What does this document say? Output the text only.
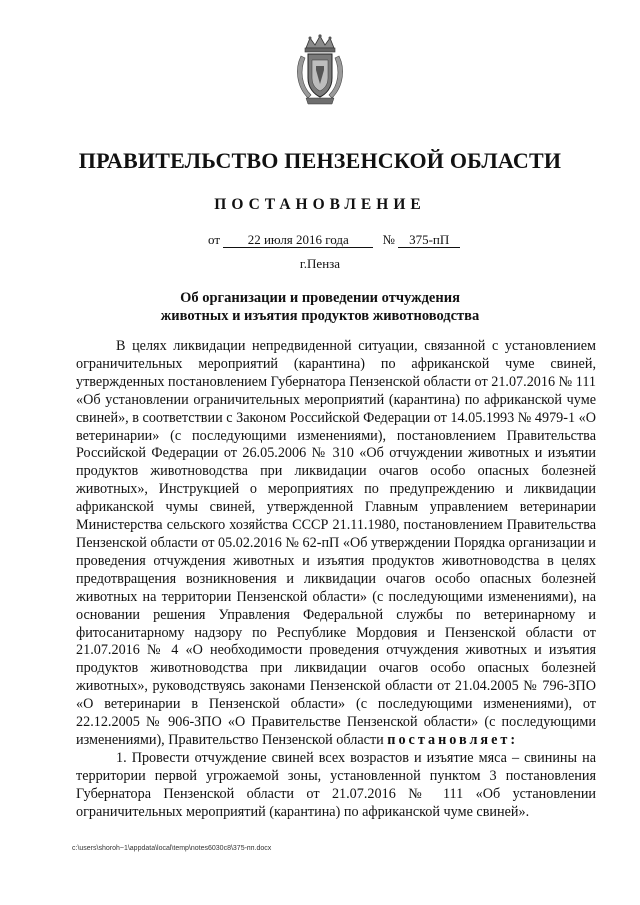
ПРАВИТЕЛЬСТВО ПЕНЗЕНСКОЙ ОБЛАСТИ
ПОСТАНОВЛЕНИЕ
от 22 июля 2016 года	№ 375-пП
г.Пенза
Об организации и проведении отчуждения
животных и изъятия продуктов животноводства

В целях ликвидации непредвиденной ситуации, связанной с установлением ограничительных мероприятий (карантина) по африканской чуме свиней, утвержденных постановлением Губернатора Пензенской области от 21.07.2016 № 111 «Об установлении ограничительных мероприятий (карантина) по африканской чуме свиней», в соответствии с Законом Российской Федерации от 14.05.1993 № 4979-1 «О ветеринарии» (с последующими изменениями), постановлением Правительства Российской Федерации от 26.05.2006 № 310 «Об отчуждении животных и изъятии продуктов животноводства при ликвидации очагов особо опасных болезней животных», Инструкцией о мероприятиях по предупреждению и ликвидации африканской чумы свиней, утвержденной Главным управлением ветеринарии Министерства сельского хозяйства СССР 21.11.1980, постановлением Правительства Пензенской области от 05.02.2016 № 62-пП «Об утверждении Порядка организации и проведения отчуждения животных и изъятия продуктов животноводства в целях предотвращения возникновения и ликвидации очагов особо опасных болезней животных на территории Пензенской области» (с последующими изменениями), на основании решения Управления Федеральной службы по ветеринарному и фитосанитарному надзору по Республике Мордовия и Пензенской области от 21.07.2016 № 4 «О необходимости проведения отчуждения животных и изъятия продуктов животноводства при ликвидации очагов особо опасных болезней животных», руководствуясь законами Пензенской области от 21.04.2005 № 796-ЗПО «О ветеринарии в Пензенской области» (с последующими изменениями), от 22.12.2005 № 906-ЗПО «О Правительстве Пензенской области» (с последующими изменениями), Правительство Пензенской области постановляет:

1. Провести отчуждение свиней всех возрастов и изъятие мяса – свинины на территории первой угрожаемой зоны, установленной пунктом 3 постановления Губернатора Пензенской области от 21.07.2016 № 111 «Об установлении ограничительных мероприятий (карантина) по африканской чуме свиней».

c:\users\shoroh~1\appdata\local\temp\notes6030c8\375-пп.docx
